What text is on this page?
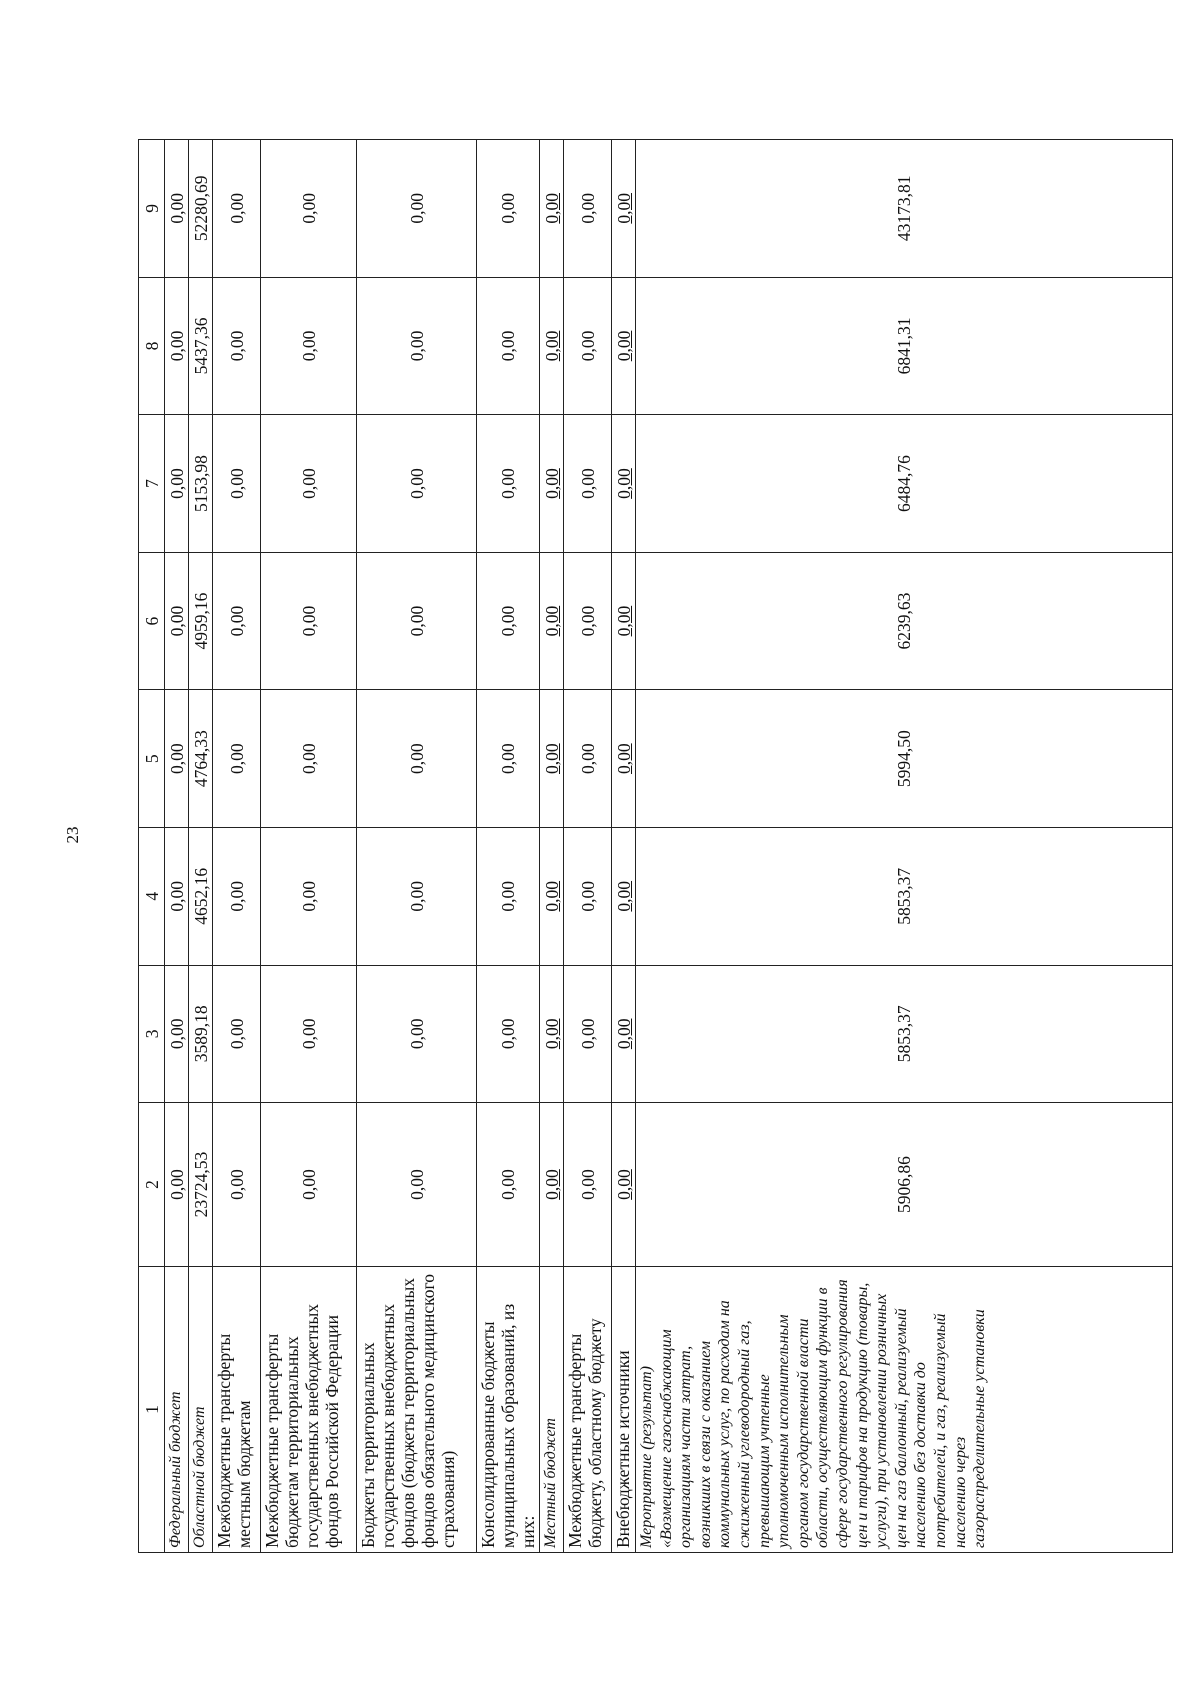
23
1	2	3	4	5	6	7	8	9
Федеральный бюджет	0,00	0,00	0,00	0,00	0,00	0,00	0,00	0,00
Областной бюджет	23724,53	3589,18	4652,16	4764,33	4959,16	5153,98	5437,36	52280,69
Межбюджетные трансферты местным бюджетам	0,00	0,00	0,00	0,00	0,00	0,00	0,00	0,00
Межбюджетные трансферты бюджетам территориальных государственных внебюджетных фондов Российской Федерации	0,00	0,00	0,00	0,00	0,00	0,00	0,00	0,00
Бюджеты территориальных государственных внебюджетных фондов (бюджеты территориальных фондов обязательного медицинского страхования)	0,00	0,00	0,00	0,00	0,00	0,00	0,00	0,00
Консолидированные бюджеты муниципальных образований, из них:	0,00	0,00	0,00	0,00	0,00	0,00	0,00	0,00
Местный бюджет	0,00	0,00	0,00	0,00	0,00	0,00	0,00	0,00
Межбюджетные трансферты бюджету, областному бюджету	0,00	0,00	0,00	0,00	0,00	0,00	0,00	0,00
Внебюджетные источники	0,00	0,00	0,00	0,00	0,00	0,00	0,00	0,00
Мероприятие (результат) «Возмещение газоснабжающим организациям части затрат, возникших в связи с оказанием коммунальных услуг, по расходам на сжиженный углеводородный газ, превышающим учтенные уполномоченным исполнительным органом государственной власти области, осуществляющим функции в сфере государственного регулирования цен и тарифов на продукцию (товары, услуги), при установлении розничных цен на газ баллонный, реализуемый населению без доставки до потребителей, и газ, реализуемый населению через газораспределительные установки	5906,86	5853,37	5853,37	5994,50	6239,63	6484,76	6841,31	43173,81
